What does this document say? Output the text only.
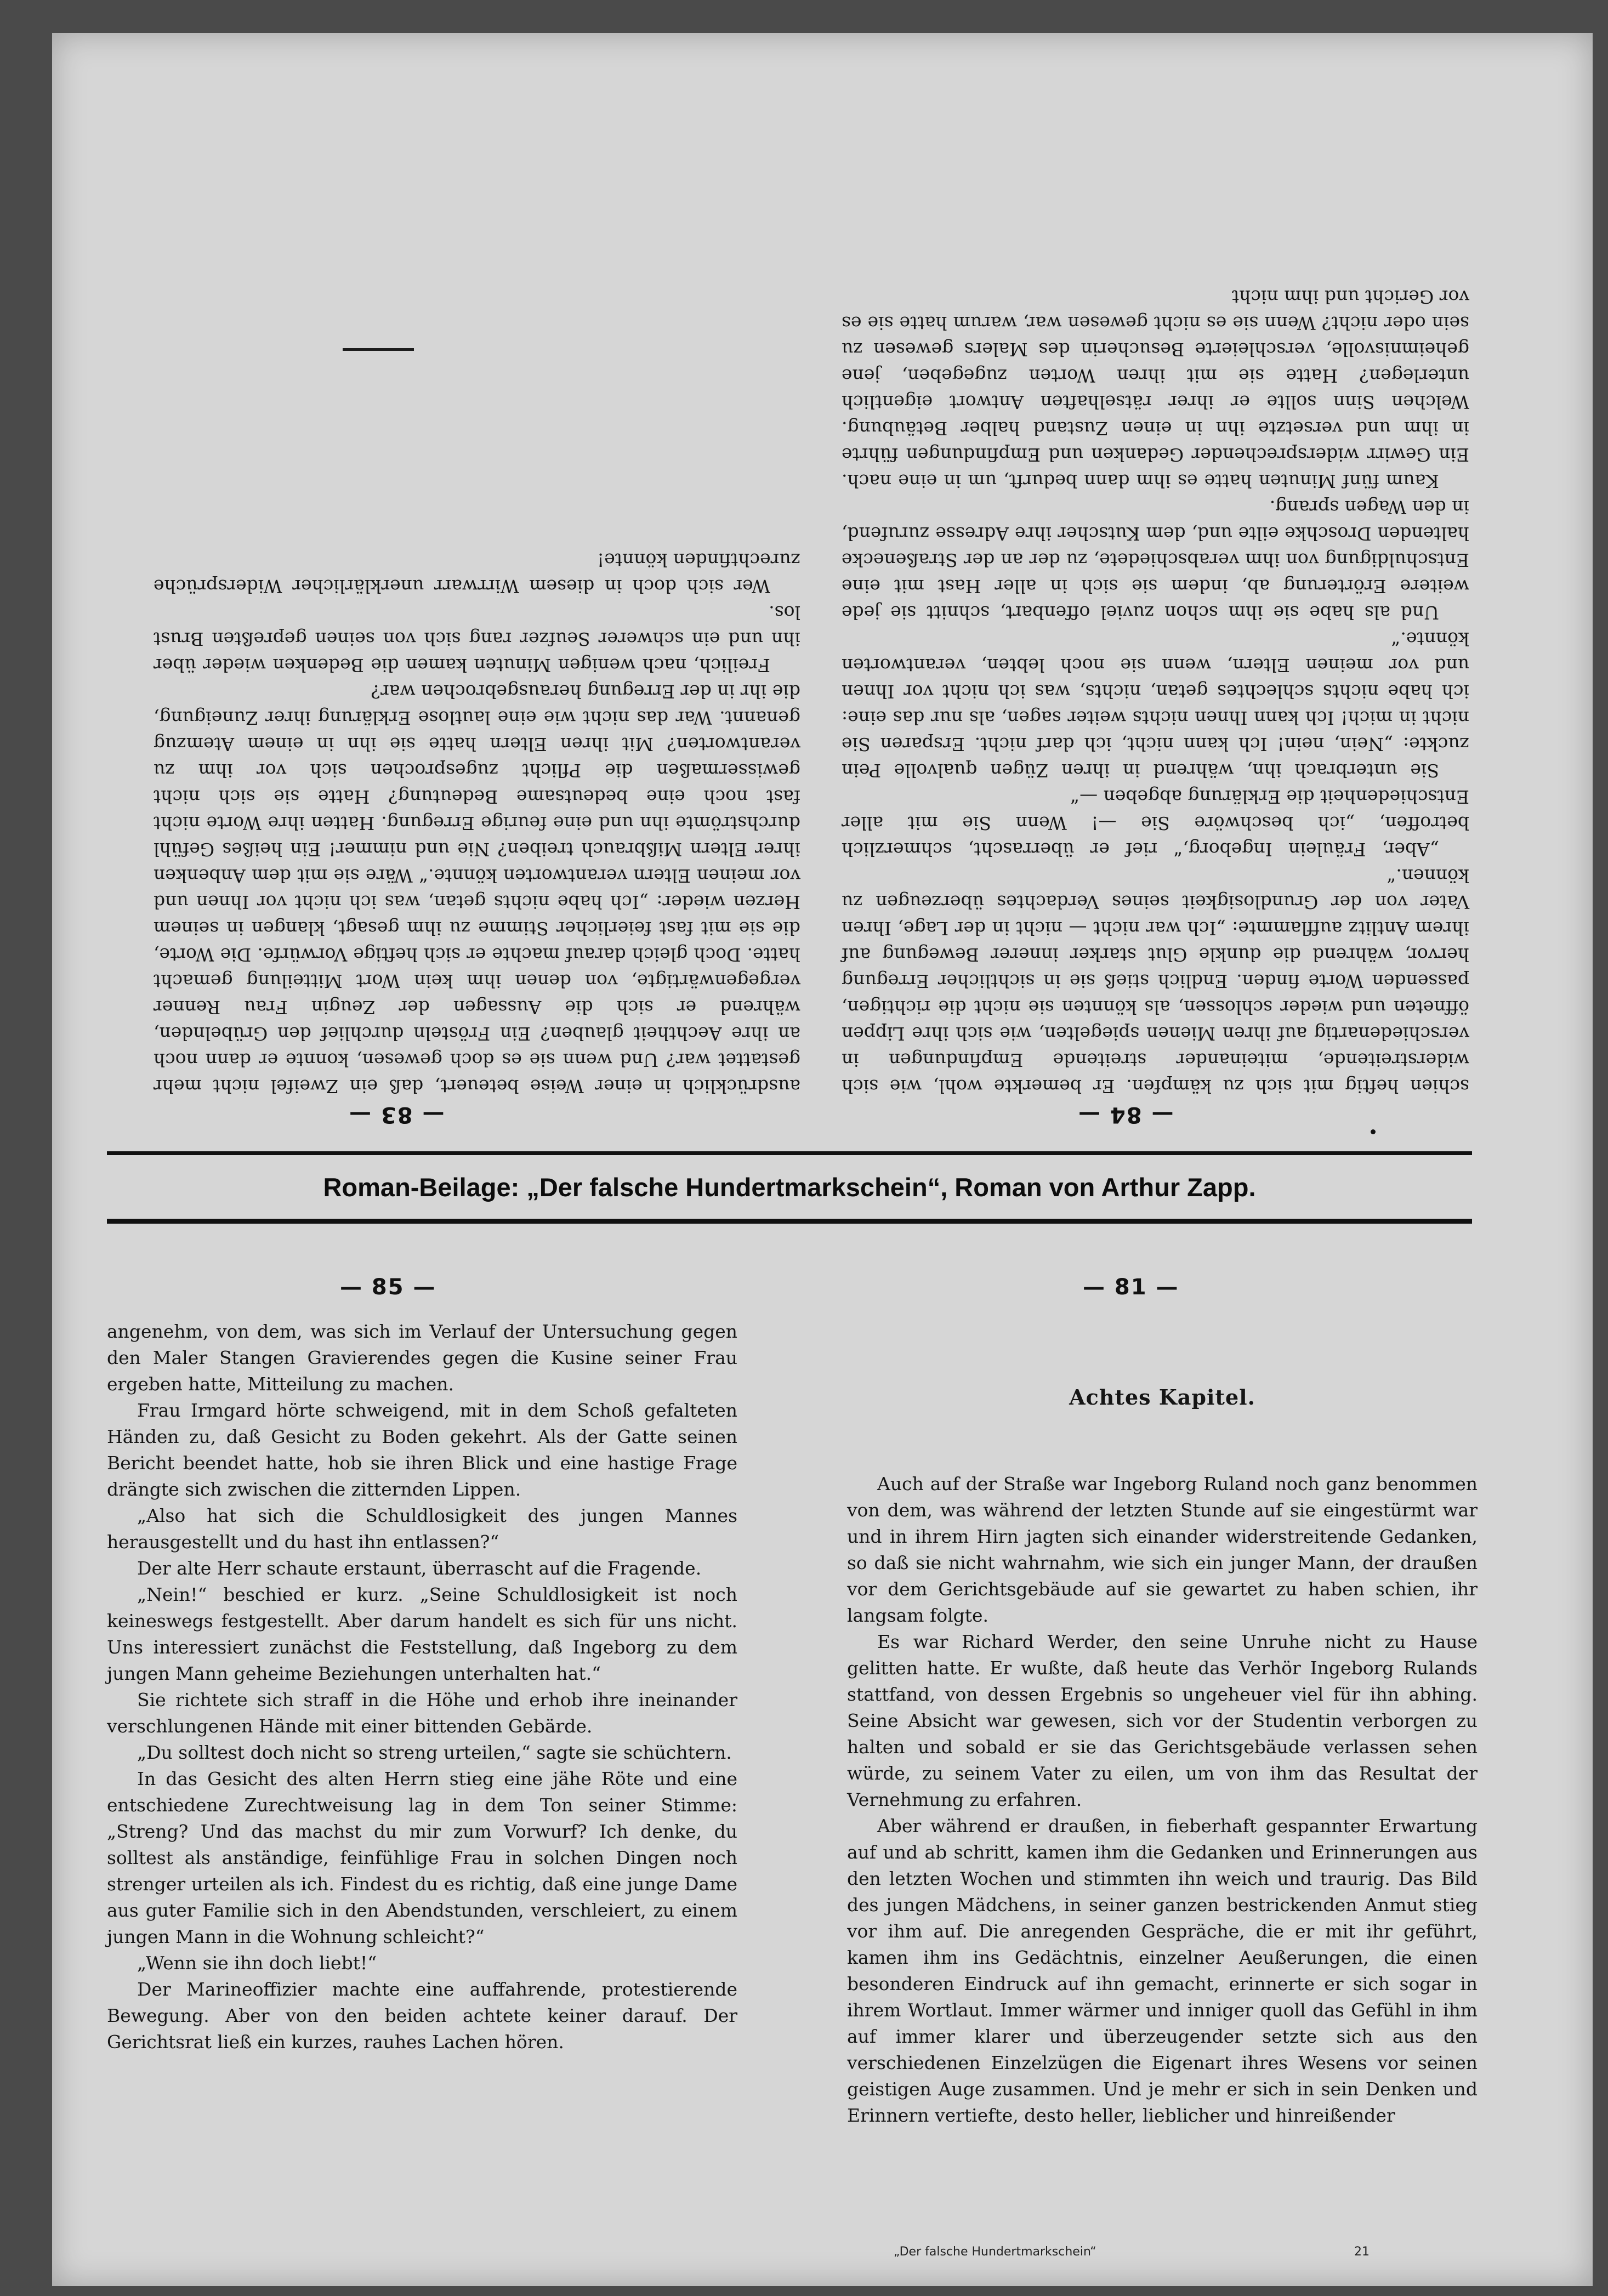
ausdrücklich in einer Weise beteuert, daß ein Zweifel nicht mehr gestattet war? Und wenn sie es doch gewesen, konnte er dann noch an ihre Aechtheit glauben? Ein Frösteln durchlief den Grübelnden, während er sich die Aussagen der Zeugin Frau Renner vergegenwärtigte, von denen ihm kein Wort Mitteilung gemacht hatte. Doch gleich darauf machte er sich heftige Vorwürfe. Die Worte, die sie mit fast feierlicher Stimme zu ihm gesagt, klangen in seinem Herzen wieder: „Ich habe nichts getan, was ich nicht vor Ihnen und vor meinen Eltern verantworten könnte.“ Wäre sie mit dem Anbenken ihrer Eltern Mißbrauch treiben? Nie und nimmer! Ein heißes Gefühl durchströmte ihn und eine feurige Erregung. Hatten ihre Worte nicht fast noch eine bedeutsame Bedeutung? Hatte sie sich nicht gewissermaßen die Pflicht zugesprochen sich vor ihm zu verantworten? Mit ihren Eltern hatte sie ihn in einem Atemzug genannt. War das nicht wie eine lautlose Erklärung ihrer Zuneigung, die ihr in der Erregung herausgebrochen war?

Freilich, nach wenigen Minuten kamen die Bedenken wieder über ihn und ein schwerer Seufzer rang sich von seinen gepreßten Brust los.

Wer sich doch in diesem Wirrwarr unerklärlicher Widersprüche zurechtfinden könnte!

— 83 —

schien heftig mit sich zu kämpfen. Er bemerkte wohl, wie sich widerstreitende, miteinander streitende Empfindungen in verschiedenartig auf ihren Mienen spiegelten, wie sich ihre Lippen öffneten und wieder schlossen, als könnten sie nicht die richtigen, passenden Worte finden. Endlich stieß sie in sichtlicher Erregung hervor, während die dunkle Glut starker innerer Bewegung auf ihrem Antlitz aufflammte: „Ich war nicht — nicht in der Lage, Ihren Vater von der Grundlosigkeit seines Verdachtes überzeugen zu können.“

„Aber, Fräulein Ingeborg,“ rief er überrascht, schmerzlich betroffen, „ich beschwöre Sie —! Wenn Sie mit aller Entschiedenheit die Erklärung abgeben —“

Sie unterbrach ihn, während in ihren Zügen qualvolle Pein zuckte: „Nein, nein! Ich kann nicht, ich darf nicht. Ersparen Sie nicht in mich! Ich kann Ihnen nichts weiter sagen, als nur das eine: ich habe nichts schlechtes getan, nichts, was ich nicht vor Ihnen und vor meinen Eltern, wenn sie noch lebten, verantworten könnte.“

Und als habe sie ihm schon zuviel offenbart, schnitt sie jede weitere Erörterung ab, indem sie sich in aller Hast mit eine Entschuldigung von ihm verabschiedete, zu der an der Straßenecke haltenden Droschke eilte und, dem Kutscher ihre Adresse zurufend, in den Wagen sprang.

Kaum fünf Minuten hatte es ihm dann bedurft, um in eine nach. Ein Gewirr widersprechender Gedanken und Empfindungen führte in ihm und versetzte ihn in einen Zustand halber Betäubung. Welchen Sinn sollte er ihrer rätselhaften Antwort eigentlich unterlegen? Hatte sie mit ihren Worten zugegeben, jene geheimnisvolle, verschleierte Besucherin des Malers gewesen zu sein oder nicht? Wenn sie es nicht gewesen war, warum hatte sie es vor Gericht und ihm nicht

— 84 —
Roman-Beilage: „Der falsche Hundertmarkschein“, Roman von Arthur Zapp.
— 85 —

angenehm, von dem, was sich im Verlauf der Untersuchung gegen den Maler Stangen Gravierendes gegen die Kusine seiner Frau ergeben hatte, Mitteilung zu machen.

Frau Irmgard hörte schweigend, mit in dem Schoß gefalteten Händen zu, daß Gesicht zu Boden gekehrt. Als der Gatte seinen Bericht beendet hatte, hob sie ihren Blick und eine hastige Frage drängte sich zwischen die zitternden Lippen.

„Also hat sich die Schuldlosigkeit des jungen Mannes herausgestellt und du hast ihn entlassen?“

Der alte Herr schaute erstaunt, überrascht auf die Fragende.

„Nein!“ beschied er kurz. „Seine Schuldlosigkeit ist noch keineswegs festgestellt. Aber darum handelt es sich für uns nicht. Uns interessiert zunächst die Feststellung, daß Ingeborg zu dem jungen Mann geheime Beziehungen unterhalten hat.“

Sie richtete sich straff in die Höhe und erhob ihre ineinander verschlungenen Hände mit einer bittenden Gebärde.

„Du solltest doch nicht so streng urteilen,“ sagte sie schüchtern.

In das Gesicht des alten Herrn stieg eine jähe Röte und eine entschiedene Zurechtweisung lag in dem Ton seiner Stimme: „Streng? Und das machst du mir zum Vorwurf? Ich denke, du solltest als anständige, feinfühlige Frau in solchen Dingen noch strenger urteilen als ich. Findest du es richtig, daß eine junge Dame aus guter Familie sich in den Abendstunden, verschleiert, zu einem jungen Mann in die Wohnung schleicht?“

„Wenn sie ihn doch liebt!“

Der Marineoffizier machte eine auffahrende, protestierende Bewegung. Aber von den beiden achtete keiner darauf. Der Gerichtsrat ließ ein kurzes, rauhes Lachen hören.

— 81 —
Achtes Kapitel.

Auch auf der Straße war Ingeborg Ruland noch ganz benommen von dem, was während der letzten Stunde auf sie eingestürmt war und in ihrem Hirn jagten sich einander widerstreitende Gedanken, so daß sie nicht wahrnahm, wie sich ein junger Mann, der draußen vor dem Gerichtsgebäude auf sie gewartet zu haben schien, ihr langsam folgte.

Es war Richard Werder, den seine Unruhe nicht zu Hause gelitten hatte. Er wußte, daß heute das Verhör Ingeborg Rulands stattfand, von dessen Ergebnis so ungeheuer viel für ihn abhing. Seine Absicht war gewesen, sich vor der Studentin verborgen zu halten und sobald er sie das Gerichtsgebäude verlassen sehen würde, zu seinem Vater zu eilen, um von ihm das Resultat der Vernehmung zu erfahren.

Aber während er draußen, in fieberhaft gespannter Erwartung auf und ab schritt, kamen ihm die Gedanken und Erinnerungen aus den letzten Wochen und stimmten ihn weich und traurig. Das Bild des jungen Mädchens, in seiner ganzen bestrickenden Anmut stieg vor ihm auf. Die anregenden Gespräche, die er mit ihr geführt, kamen ihm ins Gedächtnis, einzelner Aeußerungen, die einen besonderen Eindruck auf ihn gemacht, erinnerte er sich sogar in ihrem Wortlaut. Immer wärmer und inniger quoll das Gefühl in ihm auf immer klarer und überzeugender setzte sich aus den verschiedenen Einzelzügen die Eigenart ihres Wesens vor seinen geistigen Auge zusammen. Und je mehr er sich in sein Denken und Erinnern vertiefte, desto heller, lieblicher und hinreißender

„Der falsche Hundertmarkschein“	21
